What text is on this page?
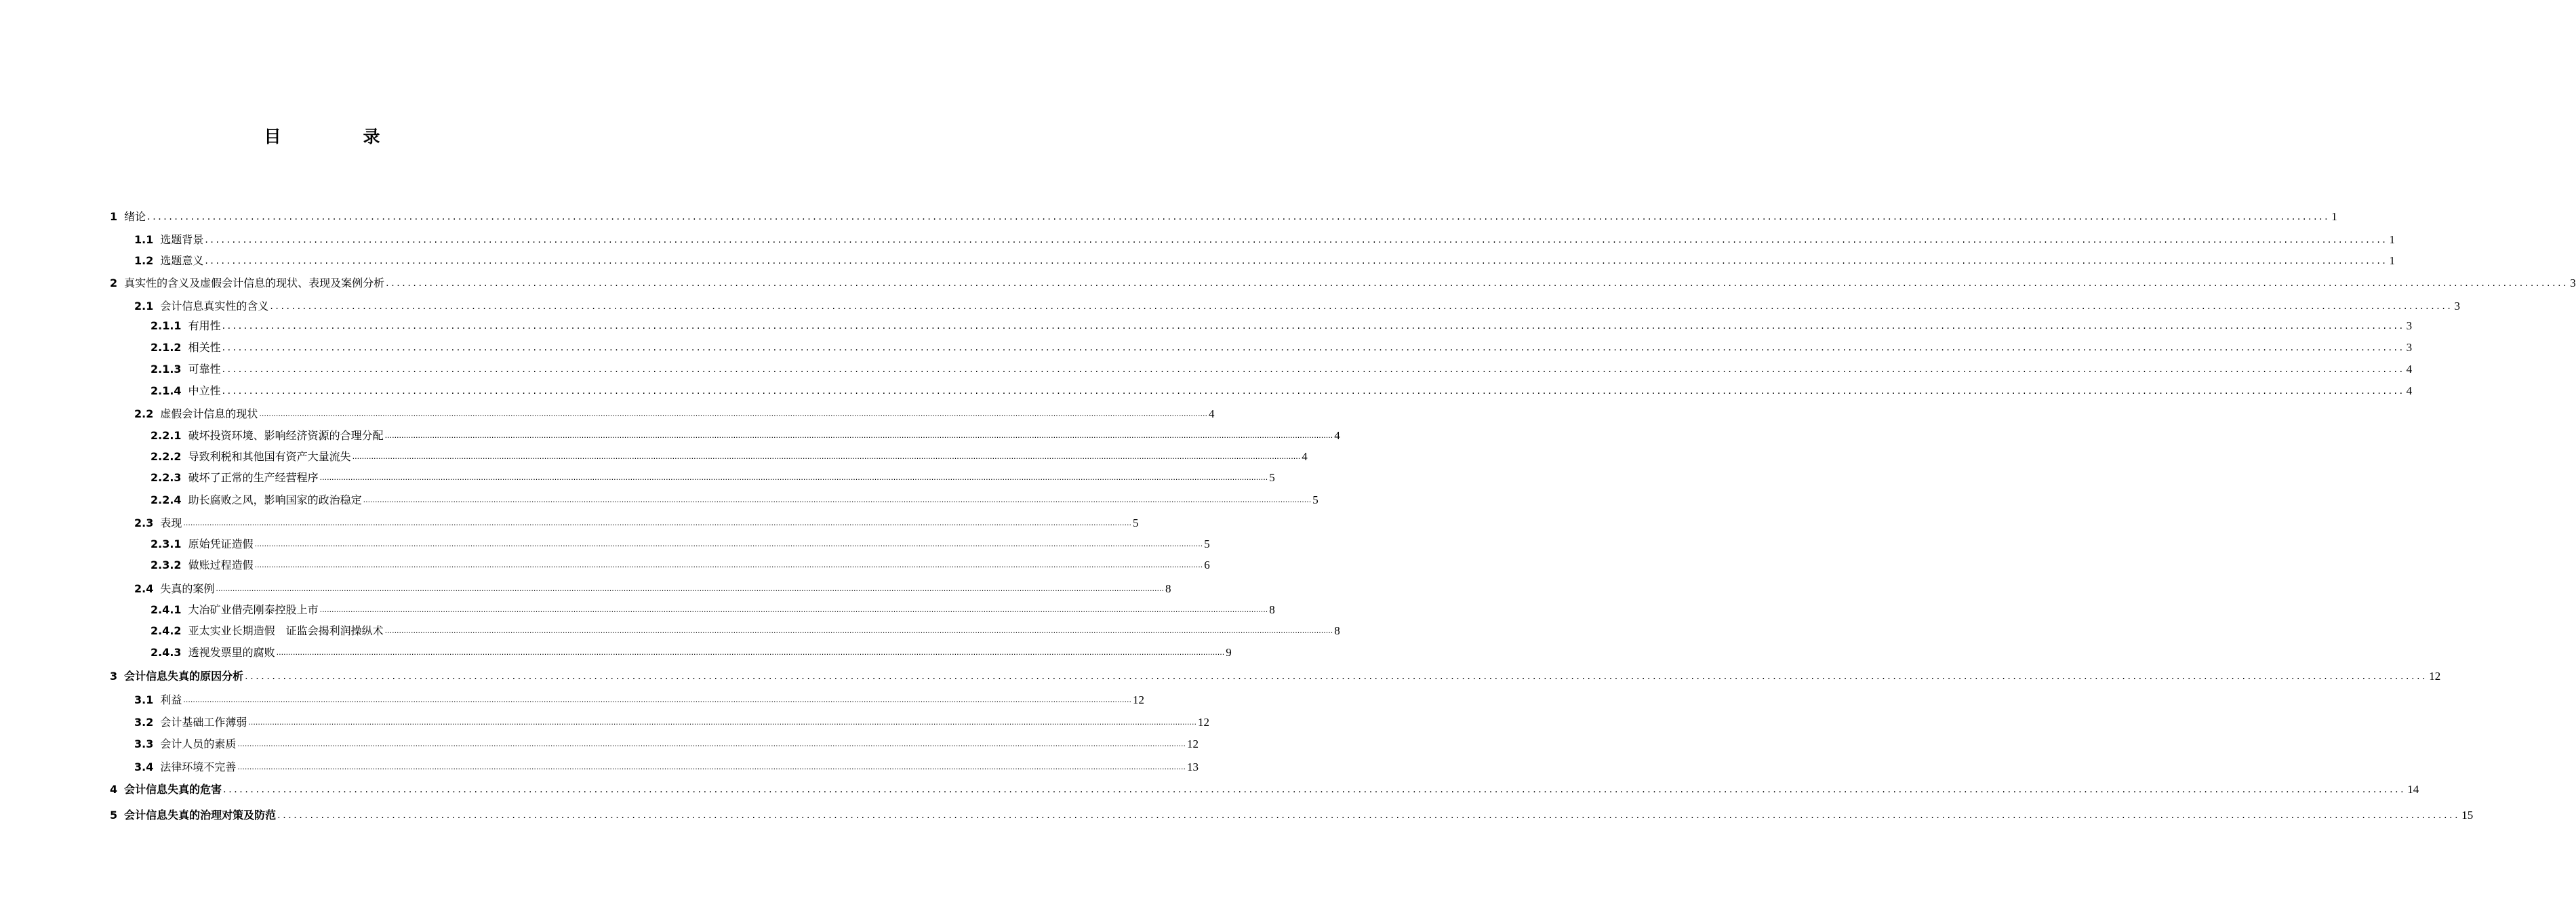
目　录
1 绪论 ................................................................................................................................................................................................................................................................................................................................................................................................................ 1
1.1 选题背景 ................................................................................................................................................................................................................................................................................................................................................................................................................ 1
1.2 选题意义 ................................................................................................................................................................................................................................................................................................................................................................................................................ 1
2 真实性的含义及虚假会计信息的现状、表现及案例分析 ................................................................................................................................................................................................................................................................................................................................................................................................................ 3
2.1 会计信息真实性的含义 ................................................................................................................................................................................................................................................................................................................................................................................................................ 3
2.1.1 有用性 ................................................................................................................................................................................................................................................................................................................................................................................................................ 3
2.1.2 相关性 ................................................................................................................................................................................................................................................................................................................................................................................................................ 3
2.1.3 可靠性 ................................................................................................................................................................................................................................................................................................................................................................................................................ 4
2.1.4 中立性 ................................................................................................................................................................................................................................................................................................................................................................................................................ 4
2.2 虚假会计信息的现状 ................................................................................................................................................................................................................................................................................................................................................................................................................ 4
2.2.1 破坏投资环境、影响经济资源的合理分配 ................................................................................................................................................................................................................................................................................................................................................................................................................ 4
2.2.2 导致利税和其他国有资产大量流失 ................................................................................................................................................................................................................................................................................................................................................................................................................ 4
2.2.3 破坏了正常的生产经营程序 ................................................................................................................................................................................................................................................................................................................................................................................................................ 5
2.2.4 助长腐败之风，影响国家的政治稳定 ................................................................................................................................................................................................................................................................................................................................................................................................................ 5
2.3 表现 ................................................................................................................................................................................................................................................................................................................................................................................................................ 5
2.3.1 原始凭证造假 ................................................................................................................................................................................................................................................................................................................................................................................................................ 5
2.3.2 做账过程造假 ................................................................................................................................................................................................................................................................................................................................................................................................................ 6
2.4 失真的案例 ................................................................................................................................................................................................................................................................................................................................................................................................................ 8
2.4.1 大冶矿业借壳刚泰控股上市 ................................................................................................................................................................................................................................................................................................................................................................................................................ 8
2.4.2 亚太实业长期造假　证监会揭利润操纵术 ................................................................................................................................................................................................................................................................................................................................................................................................................ 8
2.4.3 透视发票里的腐败 ................................................................................................................................................................................................................................................................................................................................................................................................................ 9
3 会计信息失真的原因分析 ................................................................................................................................................................................................................................................................................................................................................................................................................ 12
3.1 利益 ................................................................................................................................................................................................................................................................................................................................................................................................................ 12
3.2 会计基础工作薄弱 ................................................................................................................................................................................................................................................................................................................................................................................................................ 12
3.3 会计人员的素质 ................................................................................................................................................................................................................................................................................................................................................................................................................ 12
3.4 法律环境不完善 ................................................................................................................................................................................................................................................................................................................................................................................................................ 13
4 会计信息失真的危害 ................................................................................................................................................................................................................................................................................................................................................................................................................ 14
5 会计信息失真的治理对策及防范 ................................................................................................................................................................................................................................................................................................................................................................................................................ 15
